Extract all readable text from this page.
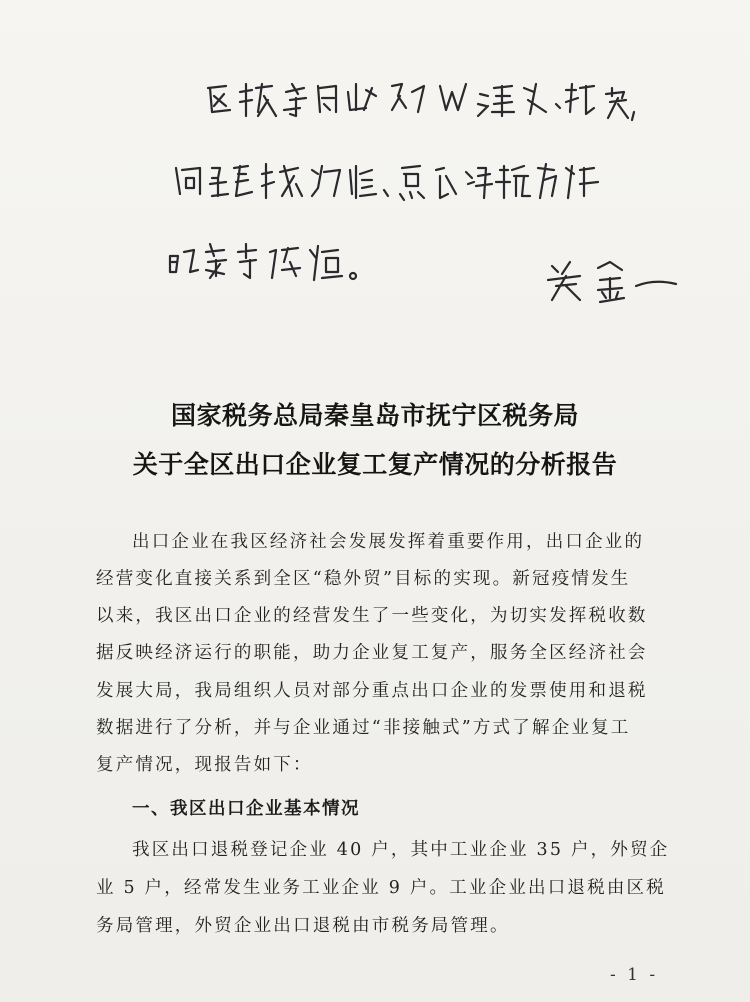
国家税务总局秦皇岛市抚宁区税务局
关于全区出口企业复工复产情况的分析报告
出口企业在我区经济社会发展发挥着重要作用，出口企业的
经营变化直接关系到全区“稳外贸”目标的实现。新冠疫情发生
以来，我区出口企业的经营发生了一些变化，为切实发挥税收数
据反映经济运行的职能，助力企业复工复产，服务全区经济社会
发展大局，我局组织人员对部分重点出口企业的发票使用和退税
数据进行了分析，并与企业通过“非接触式”方式了解企业复工
复产情况，现报告如下：
一、我区出口企业基本情况
我区出口退税登记企业 40 户，其中工业企业 35 户，外贸企
业 5 户，经常发生业务工业企业 9 户。工业企业出口退税由区税
务局管理，外贸企业出口退税由市税务局管理。
- 1 -
